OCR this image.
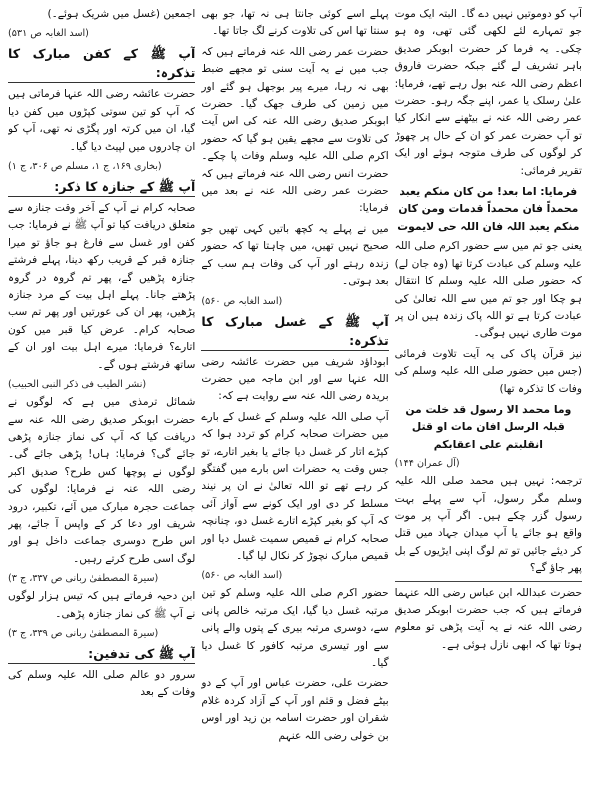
آپ کو دوموتیں نہیں دے گا۔ البتہ ایک موت جو تمہارے لئے لکھی گئی تھی، وہ ہو چکی۔ یہ فرما کر حضرت ابوبکر صدیق باہر تشریف لے گئے جبکہ حضرت فاروق اعظم رضی اللہ عنہ بول رہے تھے، فرمایا: علیٰ رسلک یا عمر، اپنے جگہ رہو۔ حضرت عمر رضی اللہ عنہ نے بیٹھنے سے انکار کیا تو آپ حضرت عمر کو ان کے حال پر چھوڑ کر لوگوں کی طرف متوجہ ہوئے اور ایک تقریر فرمائی:

فرمایا: اما بعد! من کان منکم یعبد محمداً فان محمداً قدمات ومن کان منکم یعبد اللہ فان اللہ حی لایموت

یعنی جو تم میں سے حضور اکرم صلی اللہ علیہ وسلم کی عبادت کرتا تھا (وہ جان لے) کہ حضور صلی اللہ علیہ وسلم کا انتقال ہو چکا اور جو تم میں سے اللہ تعالیٰ کی عبادت کرتا ہے تو اللہ پاک زندہ ہیں ان پر موت طاری نہیں ہوگی۔

نیز قرآن پاک کی یہ آیت تلاوت فرمائی (جس میں حضور صلی اللہ علیہ وسلم کی وفات کا تذکرہ تھا)

وما محمد الا رسول قد خلت من قبلہ الرسل افان مات او قتل انقلبتم علی اعقابکم

(آل عمران ۱۴۴)

ترجمہ: نہیں ہیں محمد صلی اللہ علیہ وسلم مگر رسول، آپ سے پہلے بہت رسول گزر چکے ہیں۔ اگر آپ پر موت واقع ہو جائے یا آپ میدان جہاد میں قتل کر دیئے جائیں تو تم لوگ اپنی ایڑیوں کے بل پھر جاؤ گے؟

حضرت عبداللہ ابن عباس رضی اللہ عنہما فرماتے ہیں کہ جب حضرت ابوبکر صدیق رضی اللہ عنہ نے یہ آیت پڑھی تو معلوم ہوتا تھا کہ ابھی نازل ہوئی ہے۔

پہلے اسے کوئی جانتا ہی نہ تھا، جو بھی سنتا تھا اس کی تلاوت کرنے لگ جاتا تھا۔

حضرت عمر رضی اللہ عنہ فرماتے ہیں کہ جب میں نے یہ آیت سنی تو مجھے ضبط بھی نہ رہا، میرے پیر بوجھل ہو گئے اور میں زمین کی طرف جھک گیا۔ حضرت ابوبکر صدیق رضی اللہ عنہ کی اس آیت کی تلاوت سے مجھے یقین ہو گیا کہ حضور اکرم صلی اللہ علیہ وسلم وفات پا چکے۔ حضرت انس رضی اللہ عنہ فرماتے ہیں کہ حضرت عمر رضی اللہ عنہ نے بعد میں فرمایا:

میں نے پہلے یہ کچھ باتیں کہی تھیں جو صحیح نہیں تھیں، میں چاہتا تھا کہ حضور زندہ رہتے اور آپ کی وفات ہم سب کے بعد ہوتی۔

(اسد الغابہ ص ۵۶۰)
آپ ﷺ کے غسل مبارک کا تذکرہ:

ابوداؤد شریف میں حضرت عائشہ رضی اللہ عنہا سے اور ابن ماجہ میں حضرت بریدہ رضی اللہ عنہ سے روایت ہے کہ:

آپ صلی اللہ علیہ وسلم کے غسل کے بارے میں حضرات صحابہ کرام کو تردد ہوا کہ کپڑے اتار کر غسل دیا جائے یا بغیر اتارے، تو جس وقت یہ حضرات اس بارے میں گفتگو کر رہے تھے تو اللہ تعالیٰ نے ان پر نیند مسلط کر دی اور ایک کونے سے آواز آئی کہ آپ کو بغیر کپڑے اتارے غسل دو، چنانچہ صحابہ کرام نے قمیص سمیت غسل دیا اور قمیص مبارک نچوڑ کر نکال لیا گیا۔

(اسد الغابہ ص ۵۶۰)

حضور اکرم صلی اللہ علیہ وسلم کو تین مرتبہ غسل دیا گیا، ایک مرتبہ خالص پانی سے، دوسری مرتبہ بیری کے پتوں والے پانی سے اور تیسری مرتبہ کافور کا غسل دیا گیا۔

حضرت علی، حضرت عباس اور آپ کے دو بیٹے فضل و قثم اور آپ کے آزاد کردہ غلام شقران اور حضرت اسامہ بن زید اور اوس بن خولی رضی اللہ عنہم

اجمعین (غسل میں شریک ہوئے۔)

(اسد الغابہ ص ۵۳۱)
آپ ﷺ کے کفن مبارک کا تذکرہ:

حضرت عائشہ رضی اللہ عنہا فرماتی ہیں کہ آپ کو تین سوتی کپڑوں میں کفن دیا گیا، ان میں کرتہ اور پگڑی نہ تھی، آپ کو ان چادروں میں لپیٹ دیا گیا۔

(بخاری ۱۶۹، ج ۱، مسلم ص ۳۰۶، ج ۱)
آپ ﷺ کے جنازہ کا ذکر:

صحابہ کرام نے آپ کے آخر وقت جنازہ سے متعلق دریافت کیا تو آپ ﷺ نے فرمایا: جب کفن اور غسل سے فارغ ہو جاؤ تو میرا جنازہ قبر کے قریب رکھ دینا، پہلے فرشتے جنازہ پڑھیں گے، پھر تم گروہ در گروہ پڑھتے جانا۔ پہلے اہل بیت کے مرد جنازہ پڑھیں، پھر ان کی عورتیں اور پھر تم سب صحابہ کرام۔ عرض کیا قبر میں کون اتارے؟ فرمایا: میرے اہل بیت اور ان کے ساتھ فرشتے ہوں گے۔

(نشر الطیب فی ذکر النبی الحبیب)

شمائل ترمذی میں ہے کہ لوگوں نے حضرت ابوبکر صدیق رضی اللہ عنہ سے دریافت کیا کہ آپ کی نماز جنازہ پڑھی جائے گی؟ فرمایا: ہاں! پڑھی جائے گی۔ لوگوں نے پوچھا کس طرح؟ صدیق اکبر رضی اللہ عنہ نے فرمایا: لوگوں کی جماعت حجرہ مبارک میں آئے، تکبیر، درود شریف اور دعا کر کے واپس آ جائے، پھر اس طرح دوسری جماعت داخل ہو اور لوگ اسی طرح کرتے رہیں۔

(سیرۃ المصطفیٰ ربانی ص ۳۳۷، ج ۳)

ابن دحیہ فرماتے ہیں کہ تیس ہزار لوگوں نے آپ ﷺ کی نماز جنازہ پڑھی۔

(سیرۃ المصطفیٰ ربانی ص ۳۳۹، ج ۳)
آپ ﷺ کی تدفین:

سرور دو عالم صلی اللہ علیہ وسلم کی وفات کے بعد
